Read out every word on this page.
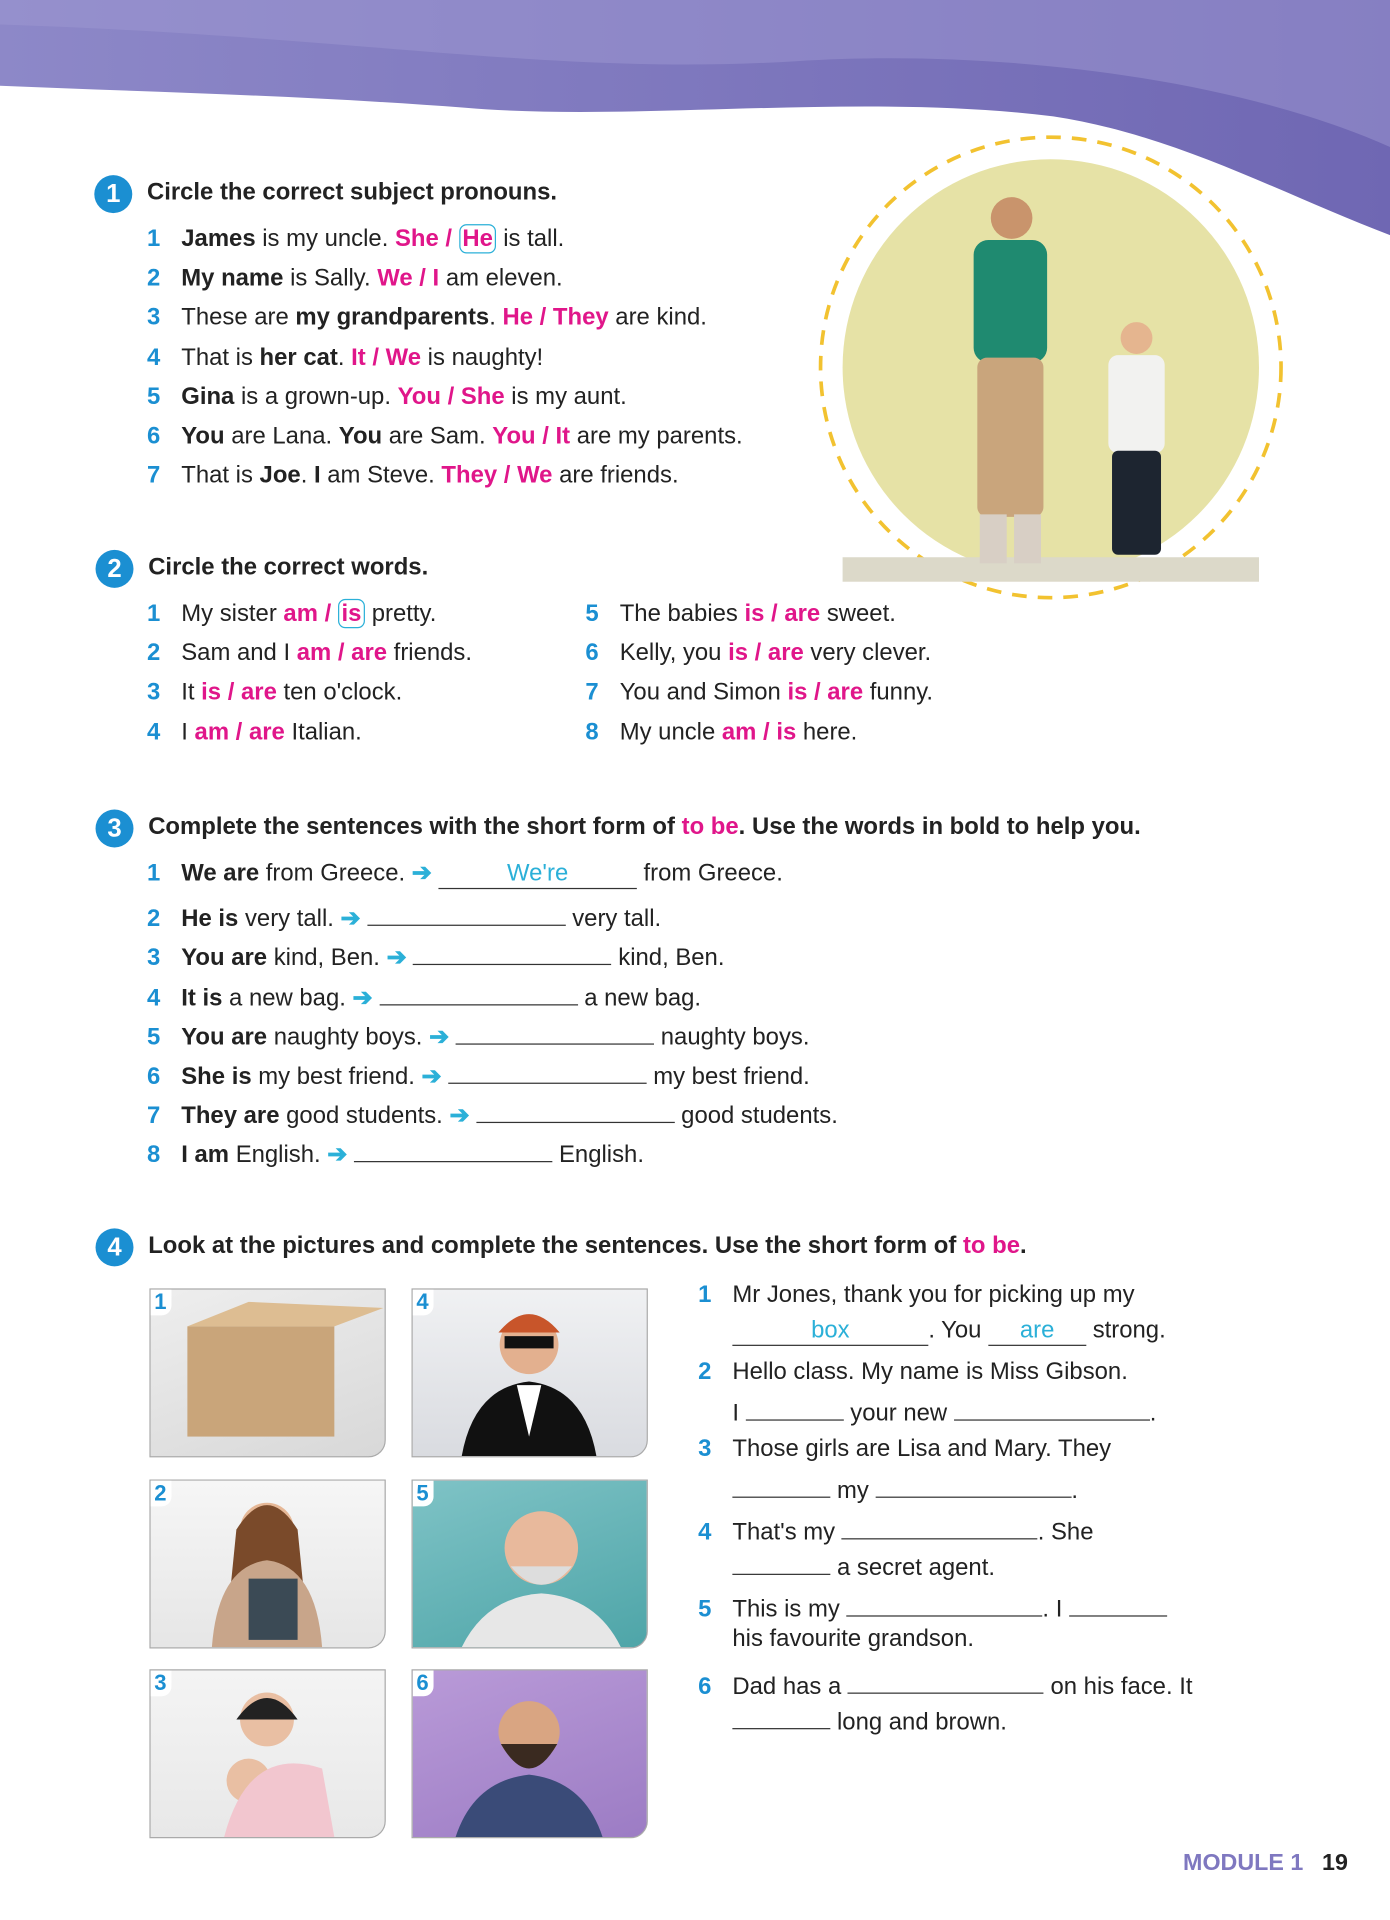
1	Circle the correct subject pronouns.
1 James is my uncle. She / He is tall.
2 My name is Sally. We / I am eleven.
3 These are my grandparents. He / They are kind.
4 That is her cat. It / We is naughty!
5 Gina is a grown-up. You / She is my aunt.
6 You are Lana. You are Sam. You / It are my parents.
7 That is Joe. I am Steve. They / We are friends.
2	Circle the correct words.
1 My sister am / is pretty.
2 Sam and I am / are friends.
3 It is / are ten o'clock.
4 I am / are Italian.
5 The babies is / are sweet.
6 Kelly, you is / are very clever.
7 You and Simon is / are funny.
8 My uncle am / is here.
3	Complete the sentences with the short form of to be. Use the words in bold to help you.
1 We are from Greece. ➔	We're	from Greece.
2 He is very tall. ➔	very tall.
3 You are kind, Ben. ➔	kind, Ben.
4 It is a new bag. ➔	a new bag.
5 You are naughty boys. ➔	naughty boys.
6 She is my best friend. ➔	my best friend.
7 They are good students. ➔	good students.
8 I am English. ➔	English.
4	Look at the pictures and complete the sentences. Use the short form of to be.
1	4
2	5
3	6
1 Mr Jones, thank you for picking up my
box	. You are strong.
2 Hello class. My name is Miss Gibson.
I	your new	.
3 Those girls are Lisa and Mary. They
my	.
4 That's my	. She
a secret agent.
5 This is my	. I
his favourite grandson.
6 Dad has a	on his face. It
long and brown.
MODULE 1 19
